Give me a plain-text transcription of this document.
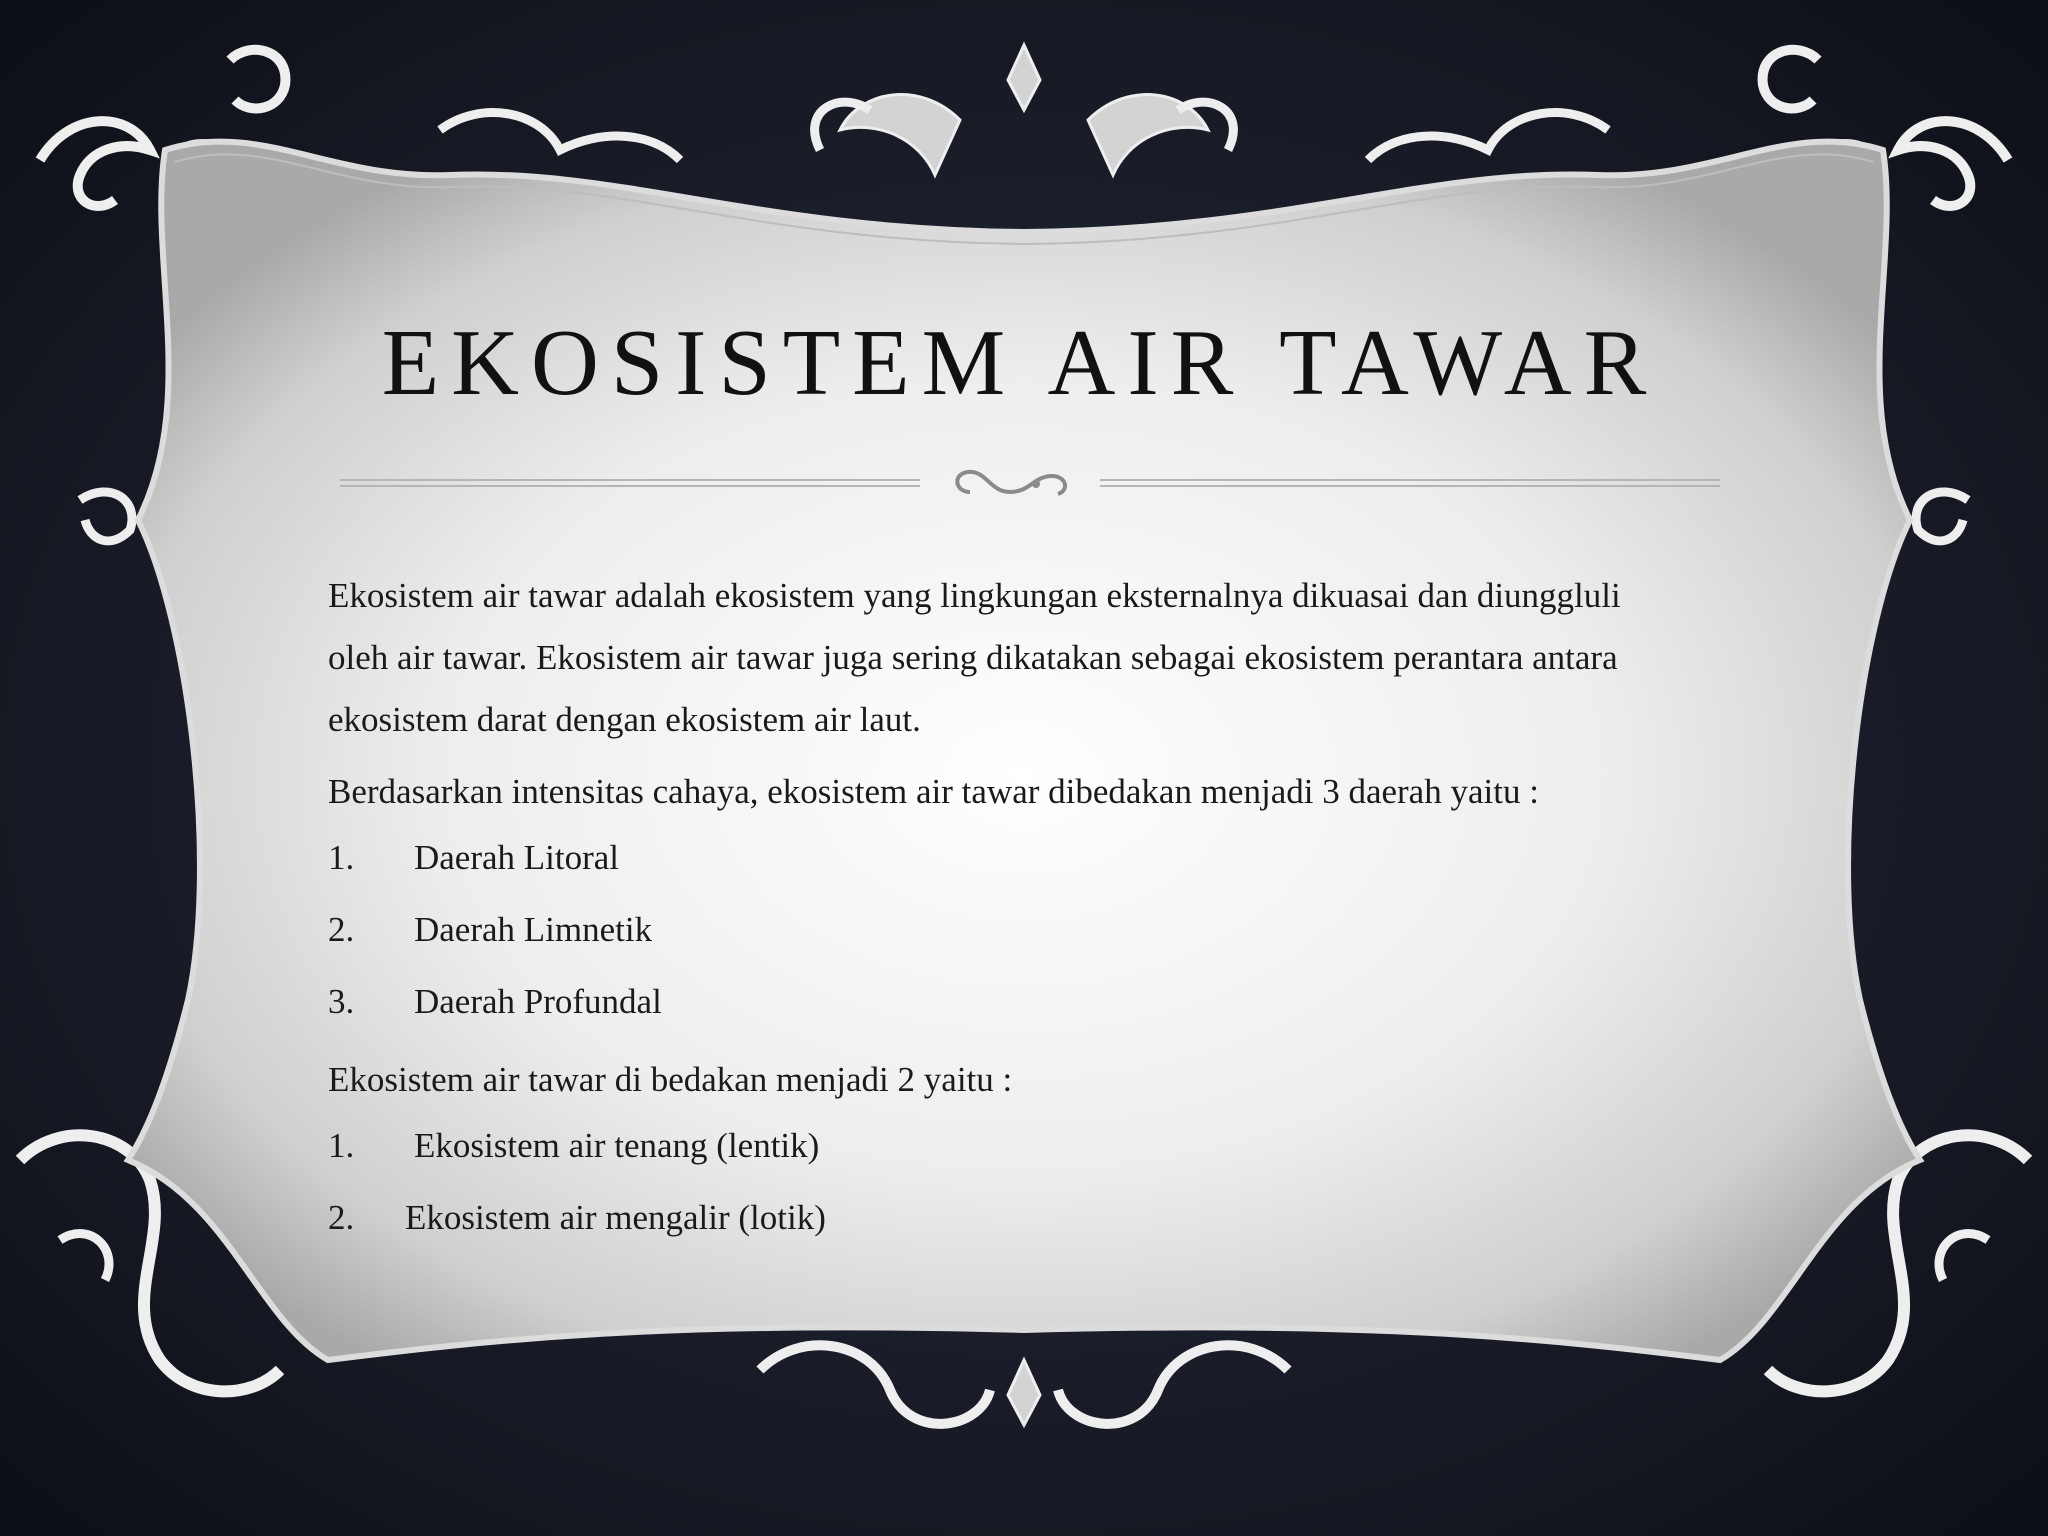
EKOSISTEM AIR TAWAR

Ekosistem air tawar adalah ekosistem yang lingkungan eksternalnya dikuasai dan diunggluli oleh air tawar. Ekosistem air tawar juga sering dikatakan sebagai ekosistem perantara antara ekosistem darat dengan ekosistem air laut.

Berdasarkan intensitas cahaya, ekosistem air tawar dibedakan menjadi 3 daerah yaitu :

1.	Daerah Litoral
2.	Daerah Limnetik
3.	Daerah Profundal

Ekosistem air tawar di bedakan menjadi 2 yaitu :

1.	Ekosistem air tenang (lentik)
2.	Ekosistem air mengalir (lotik)
